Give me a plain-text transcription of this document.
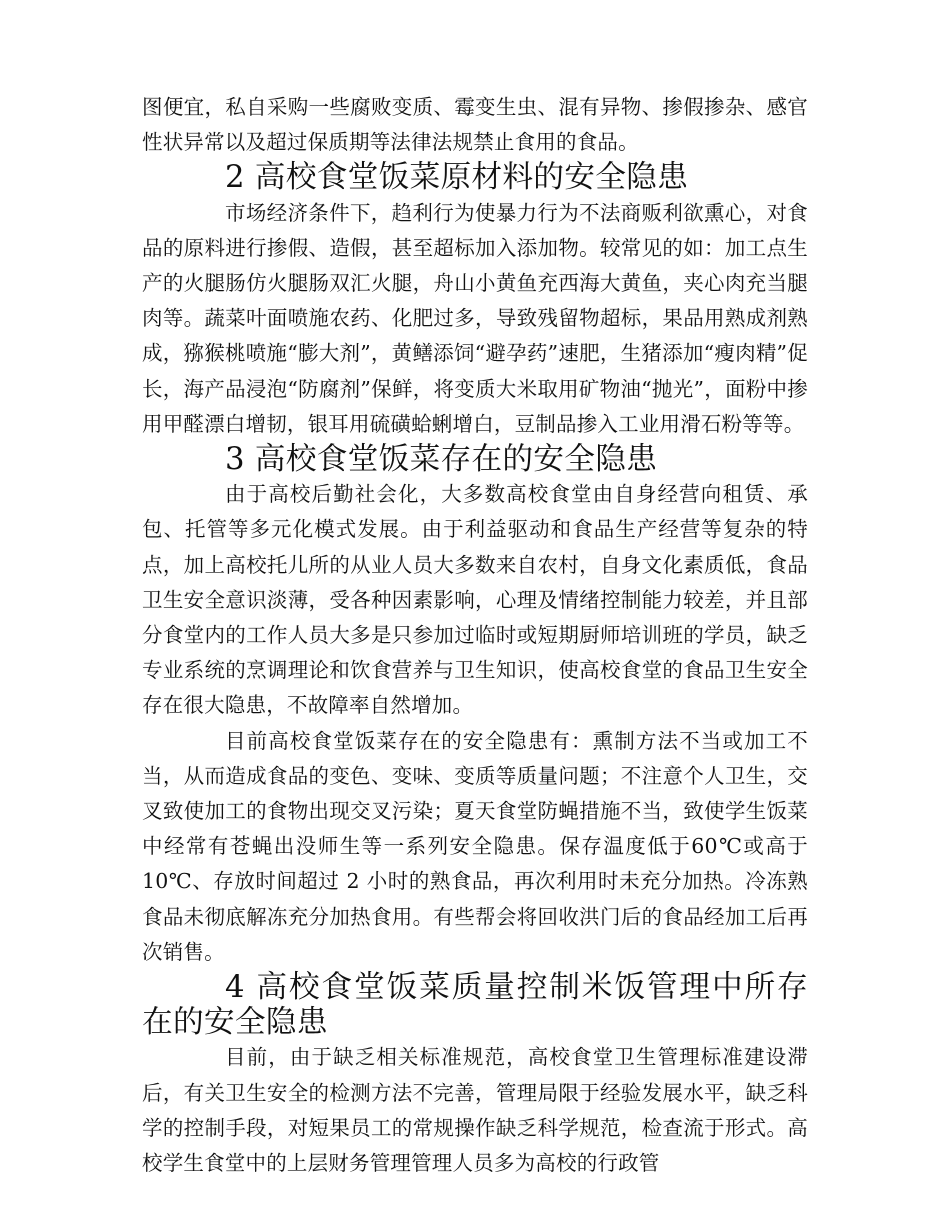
图便宜，私自采购一些腐败变质、霉变生虫、混有异物、掺假掺杂、感官性状异常以及超过保质期等法律法规禁止食用的食品。

2 高校食堂饭菜原材料的安全隐患

市场经济条件下，趋利行为使暴力行为不法商贩利欲熏心，对食品的原料进行掺假、造假，甚至超标加入添加物。较常见的如：加工点生产的火腿肠仿火腿肠双汇火腿，舟山小黄鱼充西海大黄鱼，夹心肉充当腿肉等。蔬菜叶面喷施农药、化肥过多，导致残留物超标，果品用熟成剂熟成，猕猴桃喷施“膨大剂”，黄鳝添饲“避孕药”速肥，生猪添加“瘦肉精”促长，海产品浸泡“防腐剂”保鲜，将变质大米取用矿物油“抛光”，面粉中掺用甲醛漂白增韧，银耳用硫磺蛤蜊增白，豆制品掺入工业用滑石粉等等。

3 高校食堂饭菜存在的安全隐患

由于高校后勤社会化，大多数高校食堂由自身经营向租赁、承包、托管等多元化模式发展。由于利益驱动和食品生产经营等复杂的特点，加上高校托儿所的从业人员大多数来自农村，自身文化素质低，食品卫生安全意识淡薄，受各种因素影响，心理及情绪控制能力较差，并且部分食堂内的工作人员大多是只参加过临时或短期厨师培训班的学员，缺乏专业系统的烹调理论和饮食营养与卫生知识，使高校食堂的食品卫生安全存在很大隐患，不故障率自然增加。

目前高校食堂饭菜存在的安全隐患有：熏制方法不当或加工不当，从而造成食品的变色、变味、变质等质量问题；不注意个人卫生，交叉致使加工的食物出现交叉污染；夏天食堂防蝇措施不当，致使学生饭菜中经常有苍蝇出没师生等一系列安全隐患。保存温度低于60℃或高于 10℃、存放时间超过 2 小时的熟食品，再次利用时未充分加热。冷冻熟食品未彻底解冻充分加热食用。有些帮会将回收洪门后的食品经加工后再次销售。

4 高校食堂饭菜质量控制米饭管理中所存在的安全隐患

目前，由于缺乏相关标准规范，高校食堂卫生管理标准建设滞后，有关卫生安全的检测方法不完善，管理局限于经验发展水平，缺乏科学的控制手段，对短果员工的常规操作缺乏科学规范，检查流于形式。高校学生食堂中的上层财务管理管理人员多为高校的行政管
